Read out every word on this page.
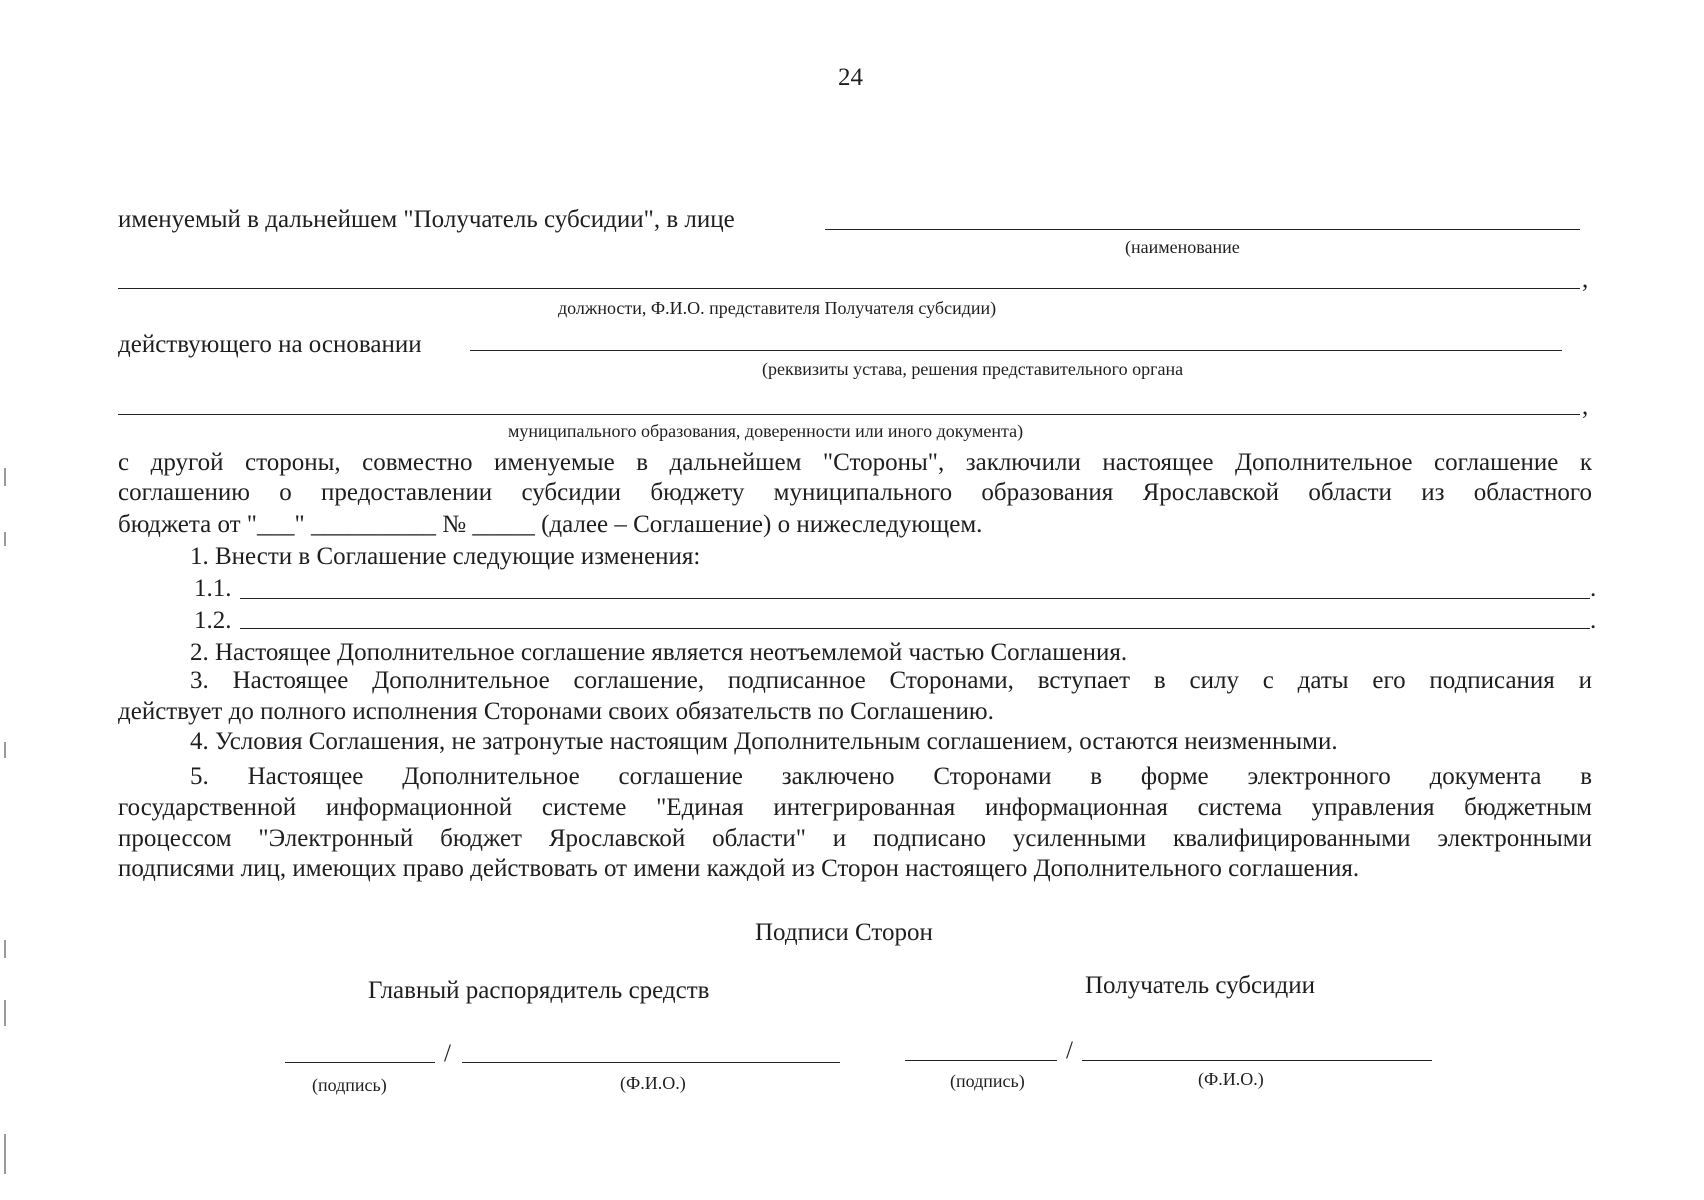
24
именуемый в дальнейшем "Получатель субсидии", в лице
(наименование
,
должности, Ф.И.О. представителя Получателя субсидии)
действующего на основании
(реквизиты устава, решения представительного органа
,
муниципального образования, доверенности или иного документа)
с другой стороны, совместно именуемые в дальнейшем "Стороны", заключили настоящее Дополнительное соглашение к
соглашению о предоставлении субсидии бюджету муниципального образования Ярославской области из областного
бюджета от "___" __________ № _____ (далее – Соглашение) о нижеследующем.
1. Внести в Соглашение следующие изменения:
1.1.	.
1.2.	.
2. Настоящее Дополнительное соглашение является неотъемлемой частью Соглашения.
3. Настоящее Дополнительное соглашение, подписанное Сторонами, вступает в силу с даты его подписания и
действует до полного исполнения Сторонами своих обязательств по Соглашению.
4. Условия Соглашения, не затронутые настоящим Дополнительным соглашением, остаются неизменными.
5. Настоящее Дополнительное соглашение заключено Сторонами в форме электронного документа в
государственной информационной системе "Единая интегрированная информационная система управления бюджетным
процессом "Электронный бюджет Ярославской области" и подписано усиленными квалифицированными электронными
подписями лиц, имеющих право действовать от имени каждой из Сторон настоящего Дополнительного соглашения.
Подписи Сторон
Главный распорядитель средств	Получатель субсидии
/
(подпись)	(Ф.И.О.)
/
(подпись)	(Ф.И.О.)
